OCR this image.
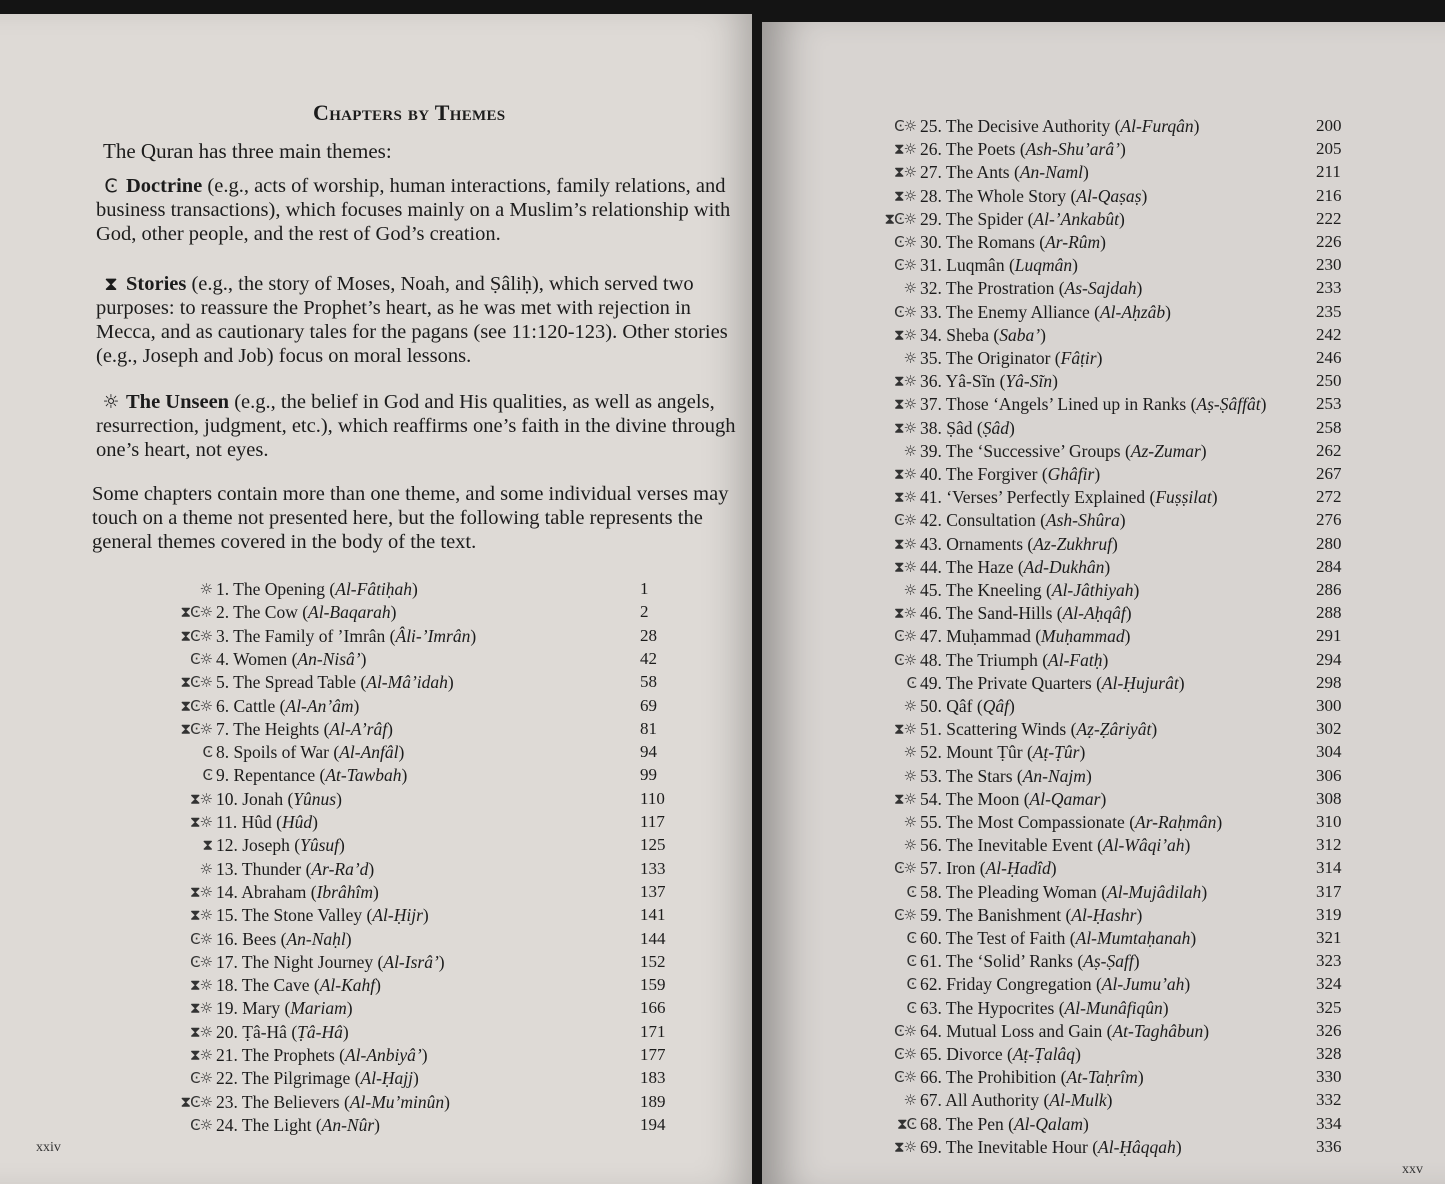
Chapters by Themes
The Quran has three main themes:
Ͼ Doctrine (e.g., acts of worship, human interactions, family relations, and business transactions), which focuses mainly on a Muslim’s relationship with God, other people, and the rest of God’s creation.
⧗ Stories (e.g., the story of Moses, Noah, and Ṣâliḥ), which served two purposes: to reassure the Prophet’s heart, as he was met with rejection in Mecca, and as cautionary tales for the pagans (see 11:120-123). Other stories (e.g., Joseph and Job) focus on moral lessons.
☼ The Unseen (e.g., the belief in God and His qualities, as well as angels, resurrection, judgment, etc.), which reaffirms one’s faith in the divine through one’s heart, not eyes.
Some chapters contain more than one theme, and some individual verses may touch on a theme not presented here, but the following table represents the general themes covered in the body of the text.
☼ 1. The Opening (Al-Fâtiḥah)	1
⧗Ͼ☼ 2. The Cow (Al-Baqarah)	2
⧗Ͼ☼ 3. The Family of ’Imrân (Âli-’Imrân)	28
Ͼ☼ 4. Women (An-Nisâ’)	42
⧗Ͼ☼ 5. The Spread Table (Al-Mâ’idah)	58
⧗Ͼ☼ 6. Cattle (Al-An’âm)	69
⧗Ͼ☼ 7. The Heights (Al-A’râf)	81
Ͼ 8. Spoils of War (Al-Anfâl)	94
Ͼ 9. Repentance (At-Tawbah)	99
⧗☼ 10. Jonah (Yûnus)	110
⧗☼ 11. Hûd (Hûd)	117
⧗ 12. Joseph (Yûsuf)	125
☼ 13. Thunder (Ar-Ra’d)	133
⧗☼ 14. Abraham (Ibrâhîm)	137
⧗☼ 15. The Stone Valley (Al-Ḥijr)	141
Ͼ☼ 16. Bees (An-Naḥl)	144
Ͼ☼ 17. The Night Journey (Al-Isrâ’)	152
⧗☼ 18. The Cave (Al-Kahf)	159
⧗☼ 19. Mary (Mariam)	166
⧗☼ 20. Ṭâ-Hâ (Ṭâ-Hâ)	171
⧗☼ 21. The Prophets (Al-Anbiyâ’)	177
Ͼ☼ 22. The Pilgrimage (Al-Ḥajj)	183
⧗Ͼ☼ 23. The Believers (Al-Mu’minûn)	189
Ͼ☼ 24. The Light (An-Nûr)	194
xxiv
Ͼ☼ 25. The Decisive Authority (Al-Furqân)	200
⧗☼ 26. The Poets (Ash-Shu’arâ’)	205
⧗☼ 27. The Ants (An-Naml)	211
⧗☼ 28. The Whole Story (Al-Qaṣaṣ)	216
⧗Ͼ☼ 29. The Spider (Al-’Ankabût)	222
Ͼ☼ 30. The Romans (Ar-Rûm)	226
Ͼ☼ 31. Luqmân (Luqmân)	230
☼ 32. The Prostration (As-Sajdah)	233
Ͼ☼ 33. The Enemy Alliance (Al-Aḥzâb)	235
⧗☼ 34. Sheba (Saba’)	242
☼ 35. The Originator (Fâṭir)	246
⧗☼ 36. Yâ-Sĩn (Yâ-Sĩn)	250
⧗☼ 37. Those ‘Angels’ Lined up in Ranks (Aṣ-Ṣâffât)	253
⧗☼ 38. Ṣâd (Ṣâd)	258
☼ 39. The ‘Successive’ Groups (Az-Zumar)	262
⧗☼ 40. The Forgiver (Ghâfir)	267
⧗☼ 41. ‘Verses’ Perfectly Explained (Fuṣṣilat)	272
Ͼ☼ 42. Consultation (Ash-Shûra)	276
⧗☼ 43. Ornaments (Az-Zukhruf)	280
⧗☼ 44. The Haze (Ad-Dukhân)	284
☼ 45. The Kneeling (Al-Jâthiyah)	286
⧗☼ 46. The Sand-Hills (Al-Aḥqâf)	288
Ͼ☼ 47. Muḥammad (Muḥammad)	291
Ͼ☼ 48. The Triumph (Al-Fatḥ)	294
Ͼ 49. The Private Quarters (Al-Ḥujurât)	298
☼ 50. Qâf (Qâf)	300
⧗☼ 51. Scattering Winds (Aẓ-Ẓâriyât)	302
☼ 52. Mount Ṭûr (Aṭ-Ṭûr)	304
☼ 53. The Stars (An-Najm)	306
⧗☼ 54. The Moon (Al-Qamar)	308
☼ 55. The Most Compassionate (Ar-Raḥmân)	310
☼ 56. The Inevitable Event (Al-Wâqi’ah)	312
Ͼ☼ 57. Iron (Al-Ḥadîd)	314
Ͼ 58. The Pleading Woman (Al-Mujâdilah)	317
Ͼ☼ 59. The Banishment (Al-Ḥashr)	319
Ͼ 60. The Test of Faith (Al-Mumtaḥanah)	321
Ͼ 61. The ‘Solid’ Ranks (Aṣ-Ṣaff)	323
Ͼ 62. Friday Congregation (Al-Jumu’ah)	324
Ͼ 63. The Hypocrites (Al-Munâfiqûn)	325
Ͼ☼ 64. Mutual Loss and Gain (At-Taghâbun)	326
Ͼ☼ 65. Divorce (Aṭ-Ṭalâq)	328
Ͼ☼ 66. The Prohibition (At-Taḥrîm)	330
☼ 67. All Authority (Al-Mulk)	332
⧗Ͼ 68. The Pen (Al-Qalam)	334
⧗☼ 69. The Inevitable Hour (Al-Ḥâqqah)	336
xxv
